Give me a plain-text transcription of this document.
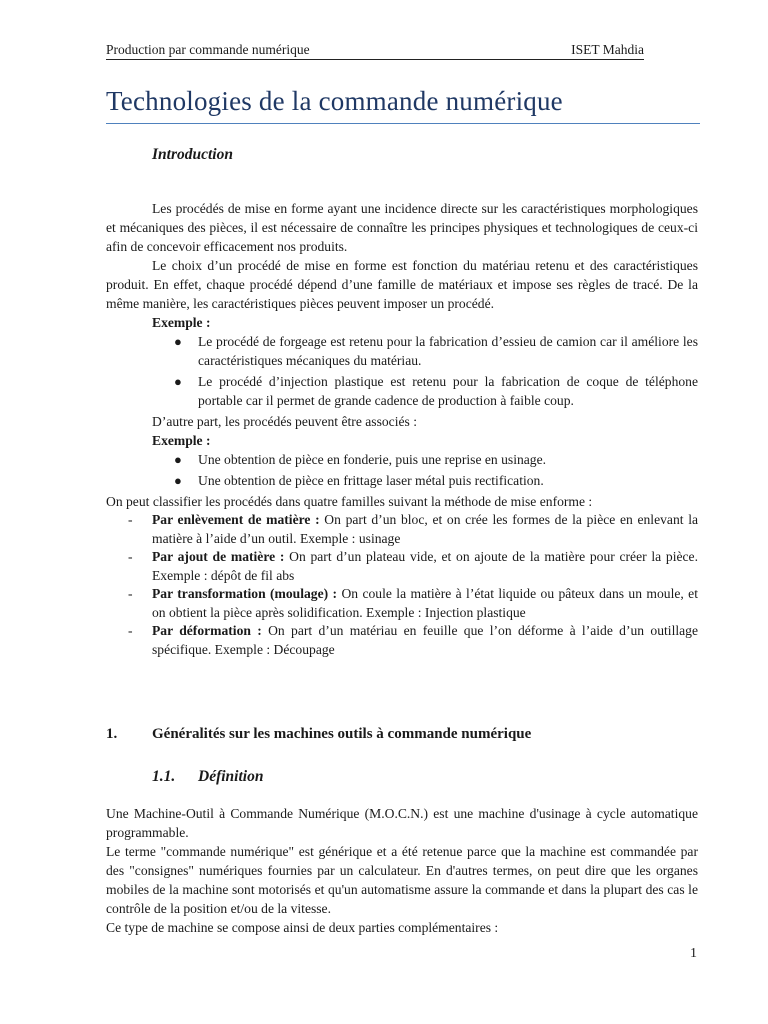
Production par commande numérique	ISET Mahdia
Technologies de la commande numérique
Introduction

Les procédés de mise en forme ayant une incidence directe sur les caractéristiques morphologiques et mécaniques des pièces, il est nécessaire de connaître les principes physiques et technologiques de ceux-ci afin de concevoir efficacement nos produits.

Le choix d’un procédé de mise en forme est fonction du matériau retenu et des caractéristiques produit. En effet, chaque procédé dépend d’une famille de matériaux et impose ses règles de tracé. De la même manière, les caractéristiques pièces peuvent imposer un procédé.

Exemple :

● Le procédé de forgeage est retenu pour la fabrication d’essieu de camion car il améliore les caractéristiques mécaniques du matériau.
● Le procédé d’injection plastique est retenu pour la fabrication de coque de téléphone portable car il permet de grande cadence de production à faible coup.

D’autre part, les procédés peuvent être associés :

Exemple :

● Une obtention de pièce en fonderie, puis une reprise en usinage.
● Une obtention de pièce en frittage laser métal puis rectification.

On peut classifier les procédés dans quatre familles suivant la méthode de mise enforme :

- Par enlèvement de matière : On part d’un bloc, et on crée les formes de la pièce en enlevant la matière à l’aide d’un outil. Exemple : usinage
- Par ajout de matière : On part d’un plateau vide, et on ajoute de la matière pour créer la pièce. Exemple : dépôt de fil abs
- Par transformation (moulage) : On coule la matière à l’état liquide ou pâteux dans un moule, et on obtient la pièce après solidification. Exemple : Injection plastique
- Par déformation : On part d’un matériau en feuille que l’on déforme à l’aide d’un outillage spécifique. Exemple : Découpage
1. Généralités sur les machines outils à commande numérique
1.1. Définition

Une Machine-Outil à Commande Numérique (M.O.C.N.) est une machine d'usinage à cycle automatique programmable.

Le terme "commande numérique" est générique et a été retenue parce que la machine est commandée par des "consignes" numériques fournies par un calculateur. En d'autres termes, on peut dire que les organes mobiles de la machine sont motorisés et qu'un automatisme assure la commande et dans la plupart des cas le contrôle de la position et/ou de la vitesse.

Ce type de machine se compose ainsi de deux parties complémentaires :

1
